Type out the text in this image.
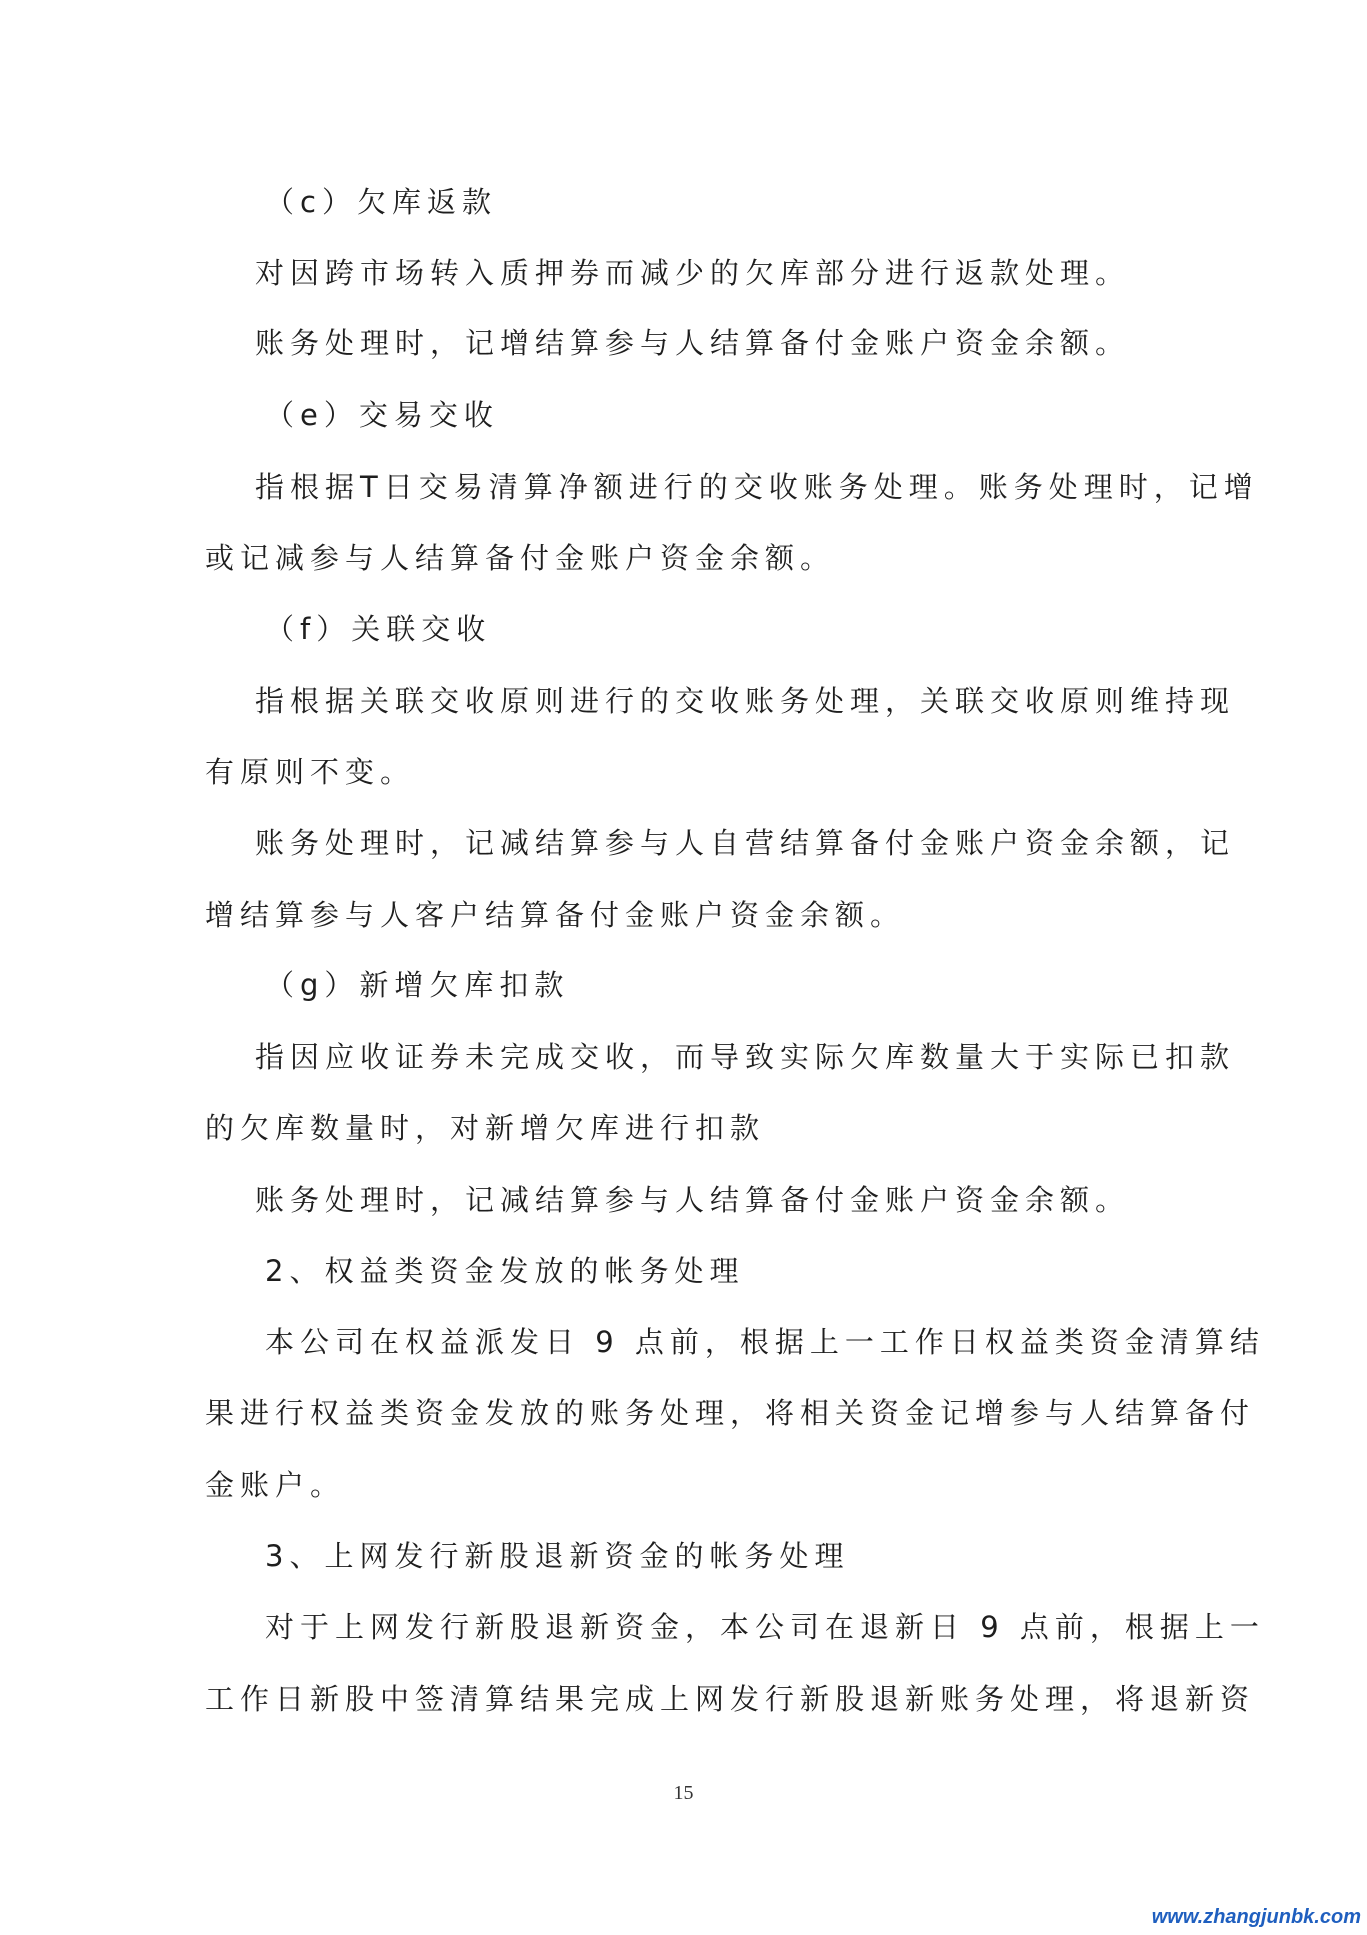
（c）欠库返款
对因跨市场转入质押券而减少的欠库部分进行返款处理。
账务处理时，记增结算参与人结算备付金账户资金余额。
（e）交易交收
指根据T日交易清算净额进行的交收账务处理。账务处理时，记增
或记减参与人结算备付金账户资金余额。
（f）关联交收
指根据关联交收原则进行的交收账务处理，关联交收原则维持现
有原则不变。
账务处理时，记减结算参与人自营结算备付金账户资金余额，记
增结算参与人客户结算备付金账户资金余额。
（g）新增欠库扣款
指因应收证券未完成交收，而导致实际欠库数量大于实际已扣款
的欠库数量时，对新增欠库进行扣款
账务处理时，记减结算参与人结算备付金账户资金余额。
2、权益类资金发放的帐务处理
本公司在权益派发日 9 点前，根据上一工作日权益类资金清算结
果进行权益类资金发放的账务处理，将相关资金记增参与人结算备付
金账户。
3、上网发行新股退新资金的帐务处理
对于上网发行新股退新资金，本公司在退新日 9 点前，根据上一
工作日新股中签清算结果完成上网发行新股退新账务处理，将退新资
15
www.zhangjunbk.com
